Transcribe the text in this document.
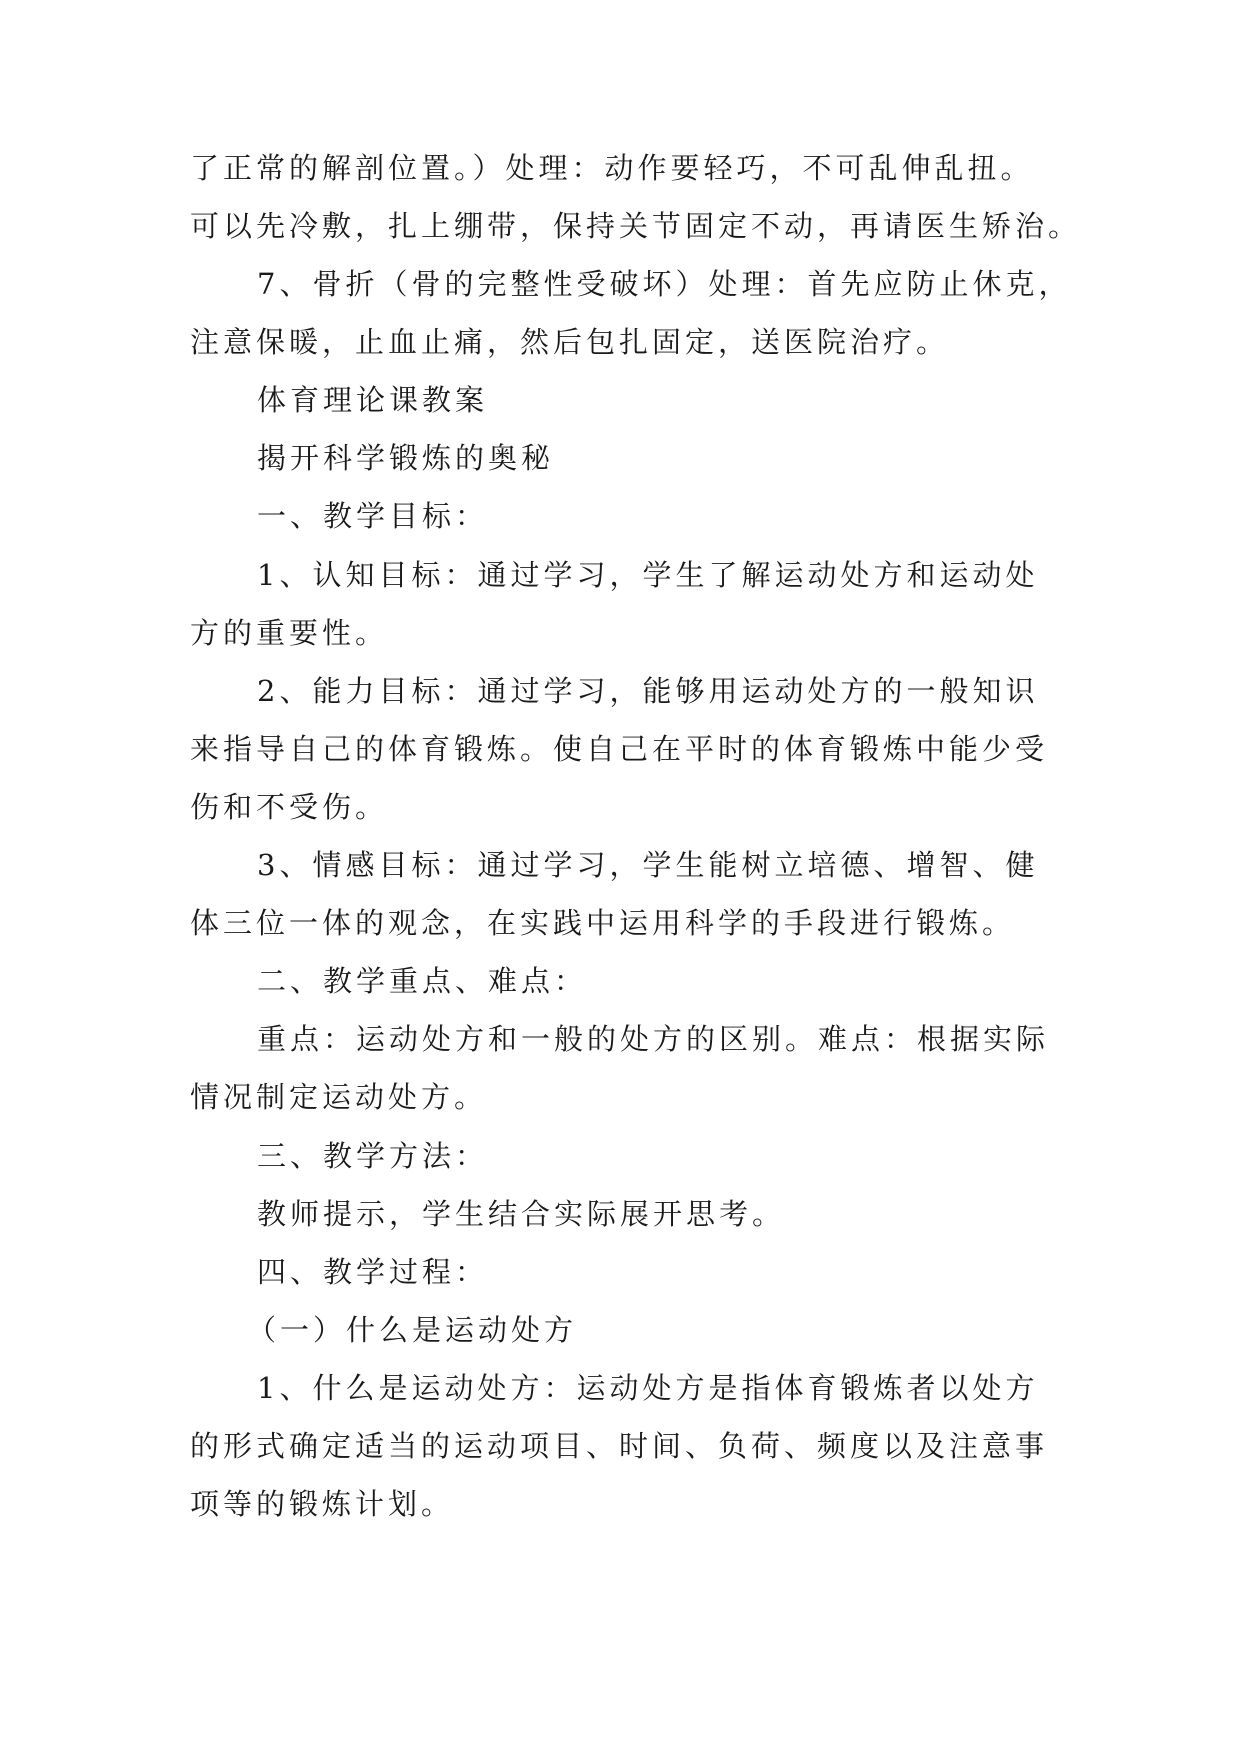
了正常的解剖位置。）处理：动作要轻巧，不可乱伸乱扭。

可以先冷敷，扎上绷带，保持关节固定不动，再请医生矫治。

7、骨折（骨的完整性受破坏）处理：首先应防止休克，

注意保暖，止血止痛，然后包扎固定，送医院治疗。

体育理论课教案

揭开科学锻炼的奥秘

一、教学目标：

1、认知目标：通过学习，学生了解运动处方和运动处

方的重要性。

2、能力目标：通过学习，能够用运动处方的一般知识

来指导自己的体育锻炼。使自己在平时的体育锻炼中能少受

伤和不受伤。

3、情感目标：通过学习，学生能树立培德、增智、健

体三位一体的观念，在实践中运用科学的手段进行锻炼。

二、教学重点、难点：

重点：运动处方和一般的处方的区别。难点：根据实际

情况制定运动处方。

三、教学方法：

教师提示，学生结合实际展开思考。

四、教学过程：

（一）什么是运动处方

1、什么是运动处方：运动处方是指体育锻炼者以处方

的形式确定适当的运动项目、时间、负荷、频度以及注意事

项等的锻炼计划。
